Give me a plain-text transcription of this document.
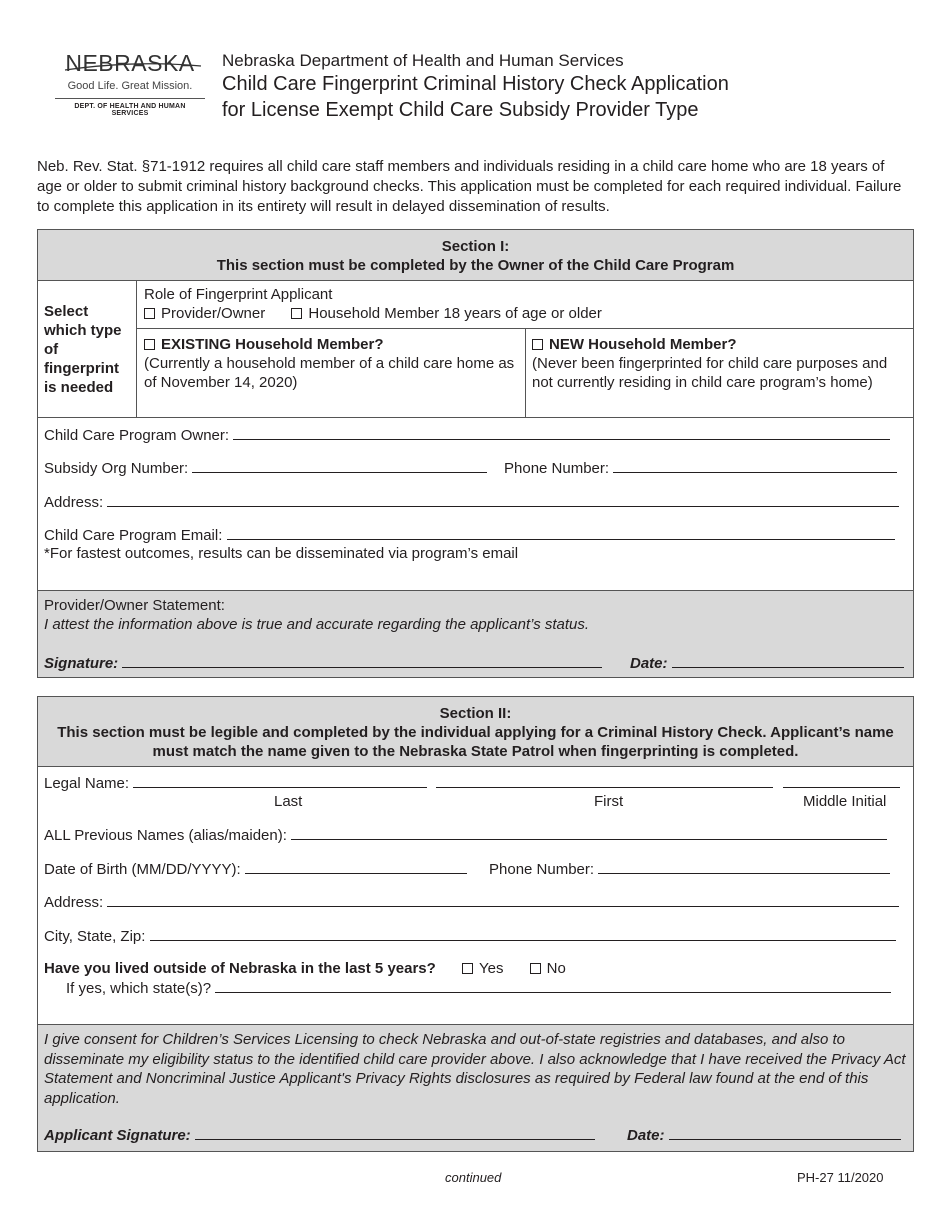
NEBRASKA
Good Life. Great Mission.
DEPT. OF HEALTH AND HUMAN SERVICES
Nebraska Department of Health and Human Services
Child Care Fingerprint Criminal History Check Application
for License Exempt Child Care Subsidy Provider Type
Neb. Rev. Stat. §71-1912 requires all child care staff members and individuals residing in a child care home who are 18 years of age or older to submit criminal history background checks. This application must be completed for each required individual. Failure to complete this application in its entirety will result in delayed dissemination of results.
Section I:
This section must be completed by the Owner of the Child Care Program
Select which type of fingerprint is needed
Role of Fingerprint Applicant
Provider/Owner	Household Member 18 years of age or older
EXISTING Household Member?
(Currently a household member of a child care home as of November 14, 2020)
NEW Household Member?
(Never been fingerprinted for child care purposes and not currently residing in child care program’s home)
Child Care Program Owner:
Subsidy Org Number:	Phone Number:
Address:
Child Care Program Email:
*For fastest outcomes, results can be disseminated via program’s email
Provider/Owner Statement:
I attest the information above is true and accurate regarding the applicant’s status.
Signature:	Date:
Section II:
This section must be legible and completed by the individual applying for a Criminal History Check. Applicant’s name must match the name given to the Nebraska State Patrol when fingerprinting is completed.
Legal Name:
Last	First	Middle Initial
ALL Previous Names (alias/maiden):
Date of Birth (MM/DD/YYYY):	Phone Number:
Address:
City, State, Zip:
Have you lived outside of Nebraska in the last 5 years?	Yes	No
If yes, which state(s)?
I give consent for Children’s Services Licensing to check Nebraska and out-of-state registries and databases, and also to disseminate my eligibility status to the identified child care provider above. I also acknowledge that I have received the Privacy Act Statement and Noncriminal Justice Applicant's Privacy Rights disclosures as required by Federal law found at the end of this application.
Applicant Signature:	Date:
continued	PH-27 11/2020
